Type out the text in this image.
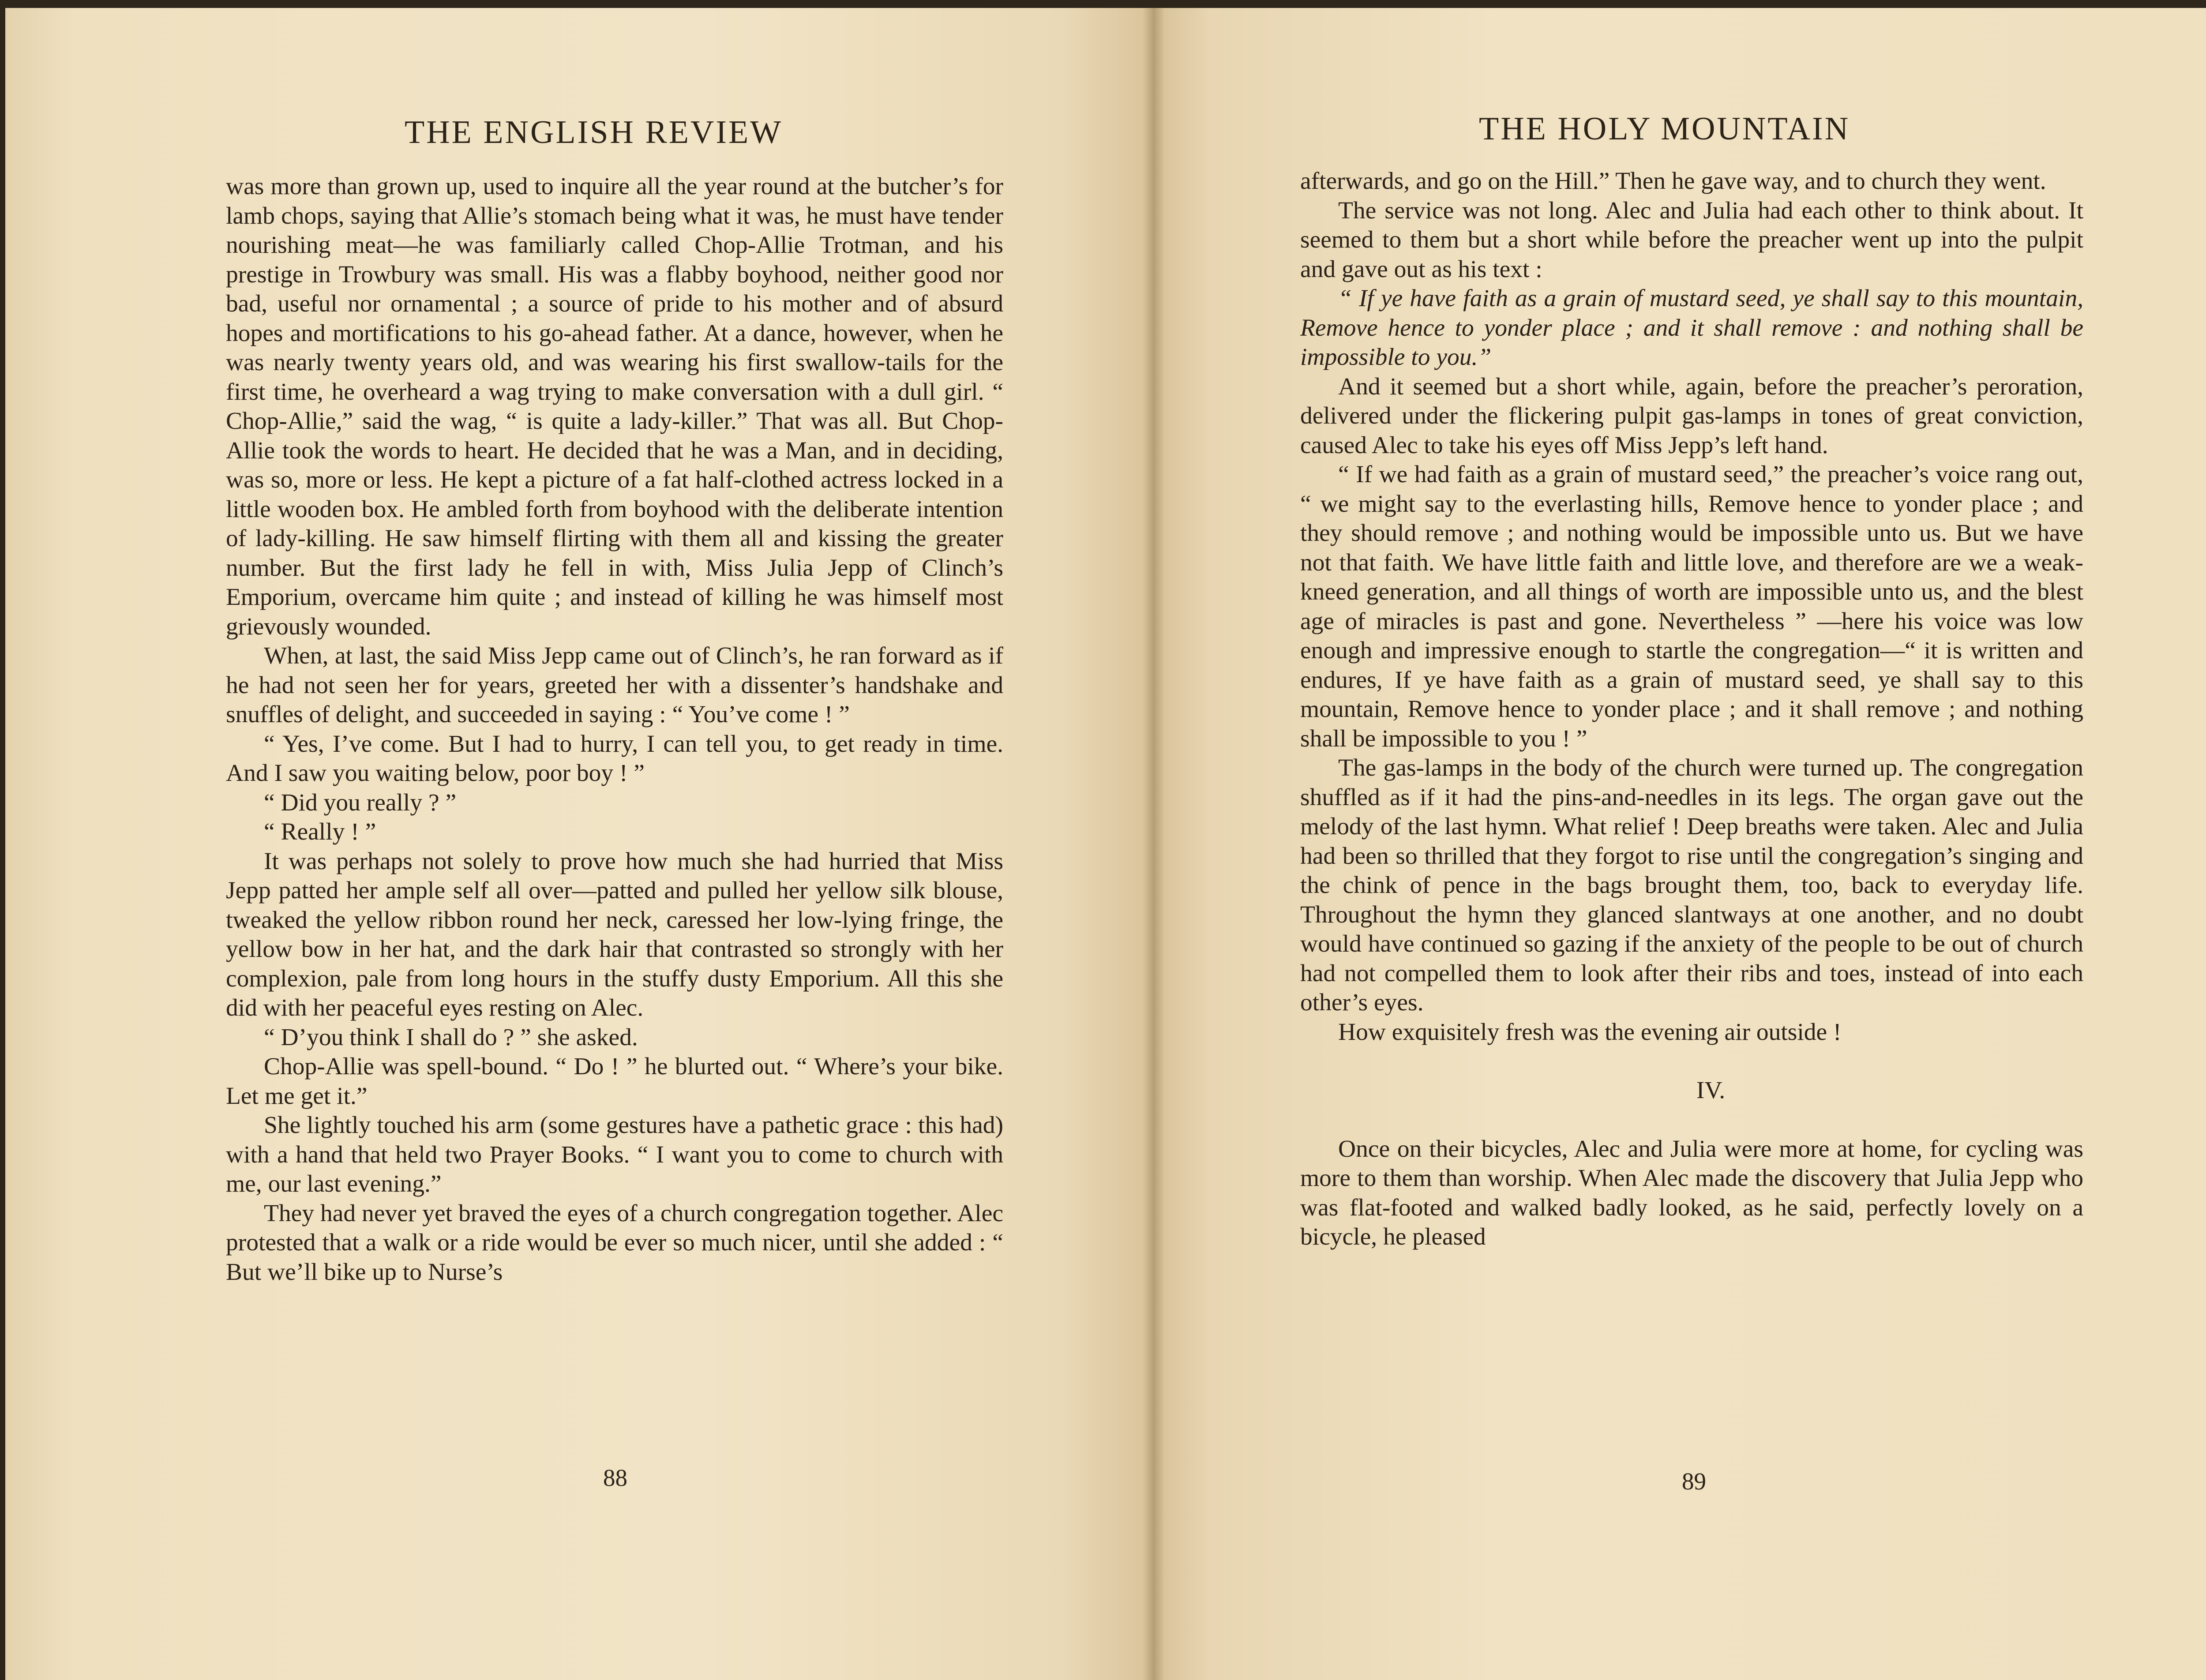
THE ENGLISH REVIEW

was more than grown up, used to inquire all the year round at the butcher’s for lamb chops, saying that Allie’s stomach being what it was, he must have tender nourishing meat—he was familiarly called Chop-Allie Trotman, and his prestige in Trowbury was small. His was a flabby boyhood, neither good nor bad, useful nor ornamental ; a source of pride to his mother and of absurd hopes and mortifications to his go-ahead father. At a dance, however, when he was nearly twenty years old, and was wearing his first swallow-tails for the first time, he overheard a wag trying to make conversation with a dull girl. “ Chop-Allie,” said the wag, “ is quite a lady-killer.” That was all. But Chop-Allie took the words to heart. He decided that he was a Man, and in deciding, was so, more or less. He kept a picture of a fat half-clothed actress locked in a little wooden box. He ambled forth from boyhood with the deliberate intention of lady-killing. He saw himself flirting with them all and kissing the greater number. But the first lady he fell in with, Miss Julia Jepp of Clinch’s Emporium, overcame him quite ; and instead of killing he was himself most grievously wounded.

When, at last, the said Miss Jepp came out of Clinch’s, he ran forward as if he had not seen her for years, greeted her with a dissenter’s handshake and snuffles of delight, and succeeded in saying : “ You’ve come ! ”

“ Yes, I’ve come. But I had to hurry, I can tell you, to get ready in time. And I saw you waiting below, poor boy ! ”

“ Did you really ? ”

“ Really ! ”

It was perhaps not solely to prove how much she had hurried that Miss Jepp patted her ample self all over—patted and pulled her yellow silk blouse, tweaked the yellow ribbon round her neck, caressed her low-lying fringe, the yellow bow in her hat, and the dark hair that contrasted so strongly with her complexion, pale from long hours in the stuffy dusty Emporium. All this she did with her peaceful eyes resting on Alec.

“ D’you think I shall do ? ” she asked.

Chop-Allie was spell-bound. “ Do ! ” he blurted out. “ Where’s your bike. Let me get it.”

She lightly touched his arm (some gestures have a pathetic grace : this had) with a hand that held two Prayer Books. “ I want you to come to church with me, our last evening.”

They had never yet braved the eyes of a church congregation together. Alec protested that a walk or a ride would be ever so much nicer, until she added : “ But we’ll bike up to Nurse’s

88
THE HOLY MOUNTAIN

afterwards, and go on the Hill.” Then he gave way, and to church they went.

The service was not long. Alec and Julia had each other to think about. It seemed to them but a short while before the preacher went up into the pulpit and gave out as his text :

“ If ye have faith as a grain of mustard seed, ye shall say to this mountain, Remove hence to yonder place ; and it shall remove : and nothing shall be impossible to you.”

And it seemed but a short while, again, before the preacher’s peroration, delivered under the flickering pulpit gas-lamps in tones of great conviction, caused Alec to take his eyes off Miss Jepp’s left hand.

“ If we had faith as a grain of mustard seed,” the preacher’s voice rang out, “ we might say to the everlasting hills, Remove hence to yonder place ; and they should remove ; and nothing would be impossible unto us. But we have not that faith. We have little faith and little love, and therefore are we a weak-kneed generation, and all things of worth are impossible unto us, and the blest age of miracles is past and gone. Nevertheless ” —here his voice was low enough and impressive enough to startle the congregation—“ it is written and endures, If ye have faith as a grain of mustard seed, ye shall say to this mountain, Remove hence to yonder place ; and it shall remove ; and nothing shall be impossible to you ! ”

The gas-lamps in the body of the church were turned up. The congregation shuffled as if it had the pins-and-needles in its legs. The organ gave out the melody of the last hymn. What relief ! Deep breaths were taken. Alec and Julia had been so thrilled that they forgot to rise until the congregation’s singing and the chink of pence in the bags brought them, too, back to everyday life. Throughout the hymn they glanced slantways at one another, and no doubt would have continued so gazing if the anxiety of the people to be out of church had not compelled them to look after their ribs and toes, instead of into each other’s eyes.

How exquisitely fresh was the evening air outside !

IV.

Once on their bicycles, Alec and Julia were more at home, for cycling was more to them than worship. When Alec made the discovery that Julia Jepp who was flat-footed and walked badly looked, as he said, perfectly lovely on a bicycle, he pleased

89
